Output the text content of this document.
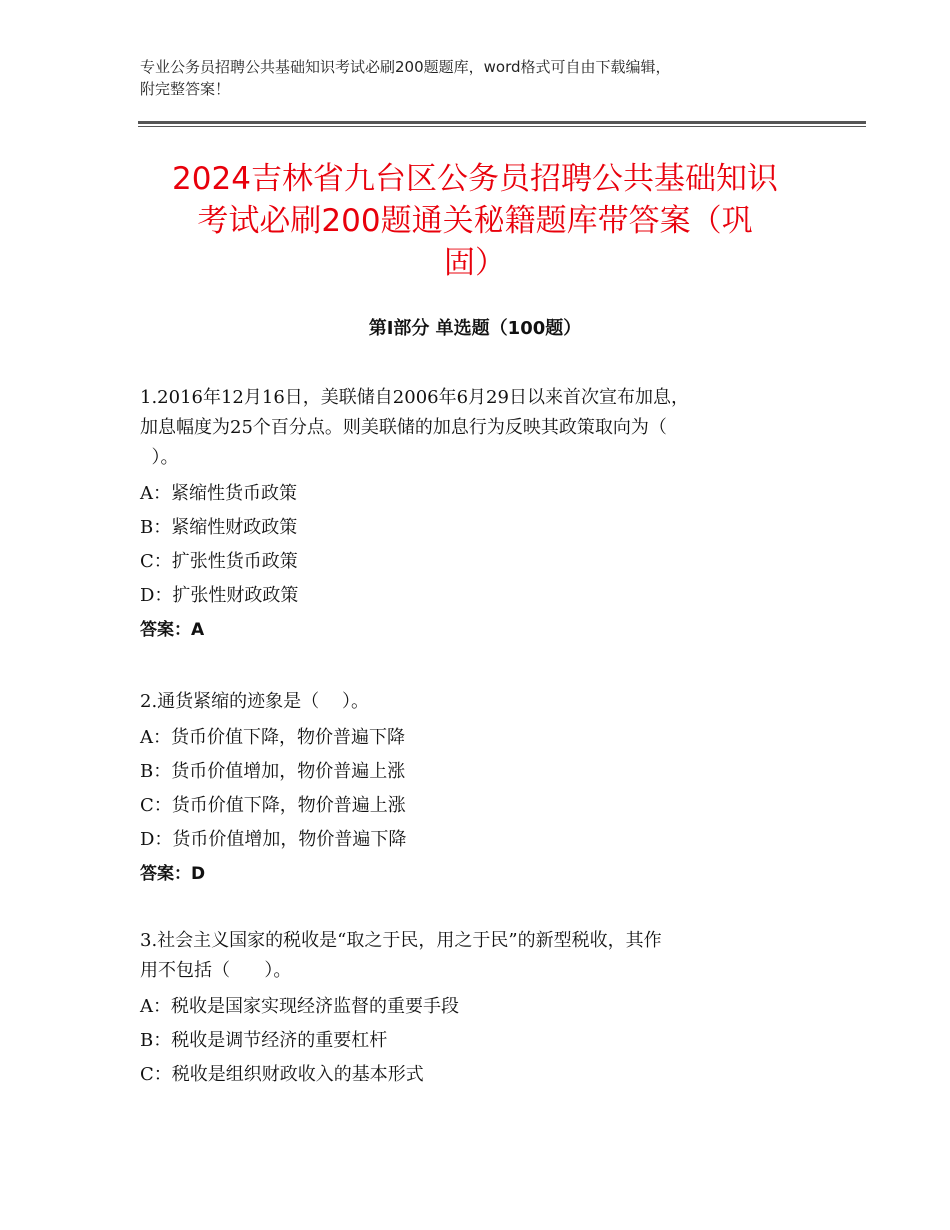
专业公务员招聘公共基础知识考试必刷200题题库，word格式可自由下载编辑，
附完整答案！
2024吉林省九台区公务员招聘公共基础知识
考试必刷200题通关秘籍题库带答案（巩
固）
第Ⅰ部分 单选题（100题）
1.2016年12月16日，美联储自2006年6月29日以来首次宣布加息，
加息幅度为25个百分点。则美联储的加息行为反映其政策取向为（
）。
A：紧缩性货币政策
B：紧缩性财政政策
C：扩张性货币政策
D：扩张性财政政策
答案：A
2.通货紧缩的迹象是（    ）。
A：货币价值下降，物价普遍下降
B：货币价值增加，物价普遍上涨
C：货币价值下降，物价普遍上涨
D：货币价值增加，物价普遍下降
答案：D
3.社会主义国家的税收是“取之于民，用之于民”的新型税收，其作
用不包括（      ）。
A：税收是国家实现经济监督的重要手段
B：税收是调节经济的重要杠杆
C：税收是组织财政收入的基本形式
